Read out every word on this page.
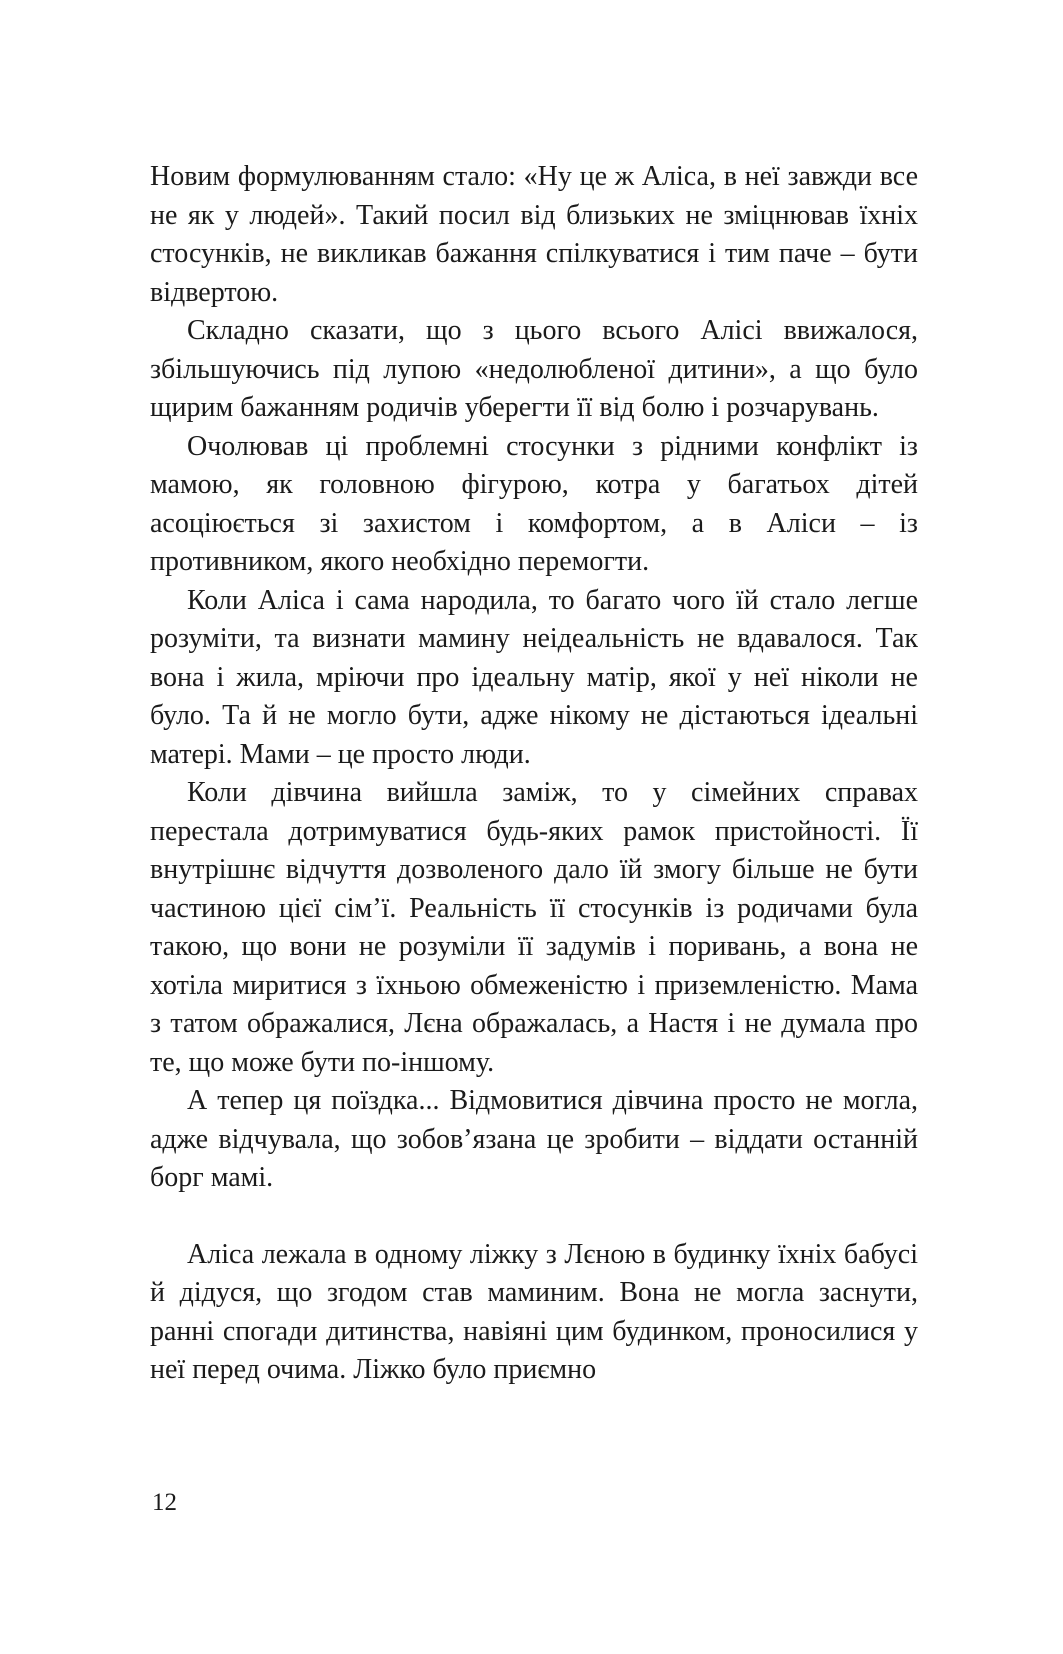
Новим формулюванням стало: «Ну це ж Аліса, в неї завжди все не як у людей». Такий посил від близьких не зміцнював їхніх стосунків, не викликав бажання спілкуватися і тим паче – бути відвертою.

Складно сказати, що з цього всього Алісі ввижалося, збільшуючись під лупою «недолюбленої дитини», а що було щирим бажанням родичів уберегти її від болю і розчарувань.

Очолював ці проблемні стосунки з рідними конфлікт із мамою, як головною фігурою, котра у багатьох дітей асоціюється зі захистом і комфортом, а в Аліси – із противником, якого необхідно перемогти.

Коли Аліса і сама народила, то багато чого їй стало легше розуміти, та визнати мамину неідеальність не вдавалося. Так вона і жила, мріючи про ідеальну матір, якої у неї ніколи не було. Та й не могло бути, адже нікому не дістаються ідеальні матері. Мами – це просто люди.

Коли дівчина вийшла заміж, то у сімейних справах перестала дотримуватися будь-яких рамок пристойності. Її внутрішнє відчуття дозволеного дало їй змогу більше не бути частиною цієї сім’ї. Реальність її стосунків із родичами була такою, що вони не розуміли її задумів і поривань, а вона не хотіла миритися з їхньою обмеженістю і приземленістю. Мама з татом ображалися, Лєна ображалась, а Настя і не думала про те, що може бути по-іншому.

А тепер ця поїздка... Відмовитися дівчина просто не могла, адже відчувала, що зобов’язана це зробити – віддати останній борг мамі.

Аліса лежала в одному ліжку з Лєною в будинку їхніх бабусі й дідуся, що згодом став маминим. Вона не могла заснути, ранні спогади дитинства, навіяні цим будинком, проносилися у неї перед очима. Ліжко було приємно

12
